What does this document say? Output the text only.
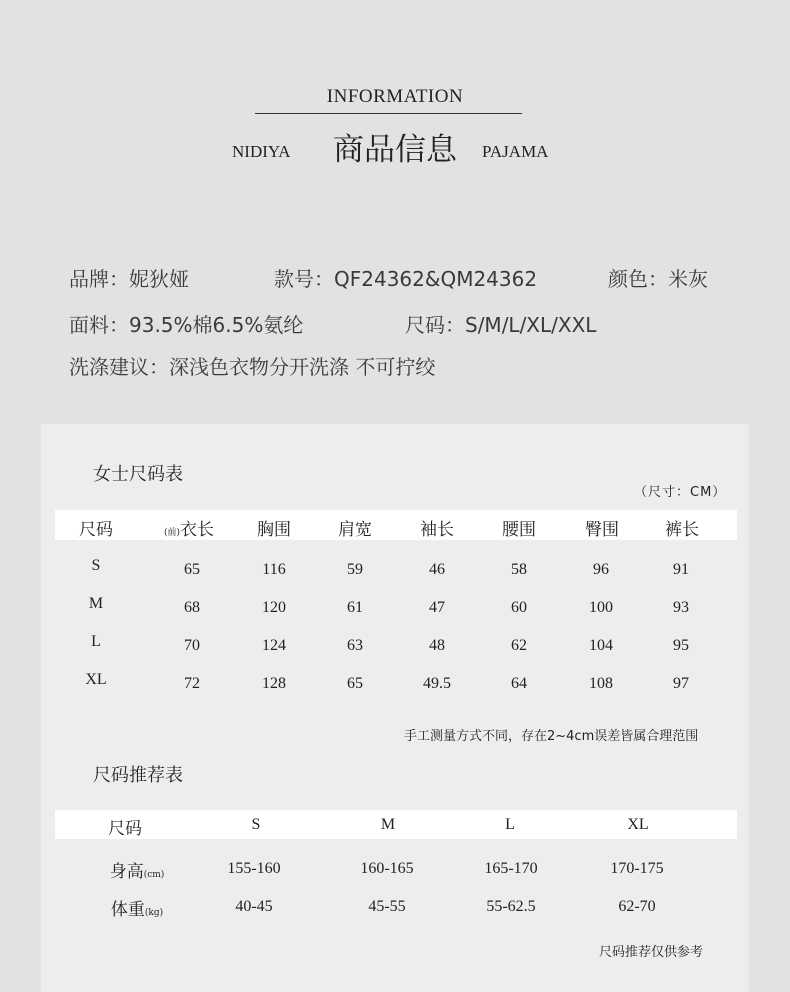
INFORMATION
NIDIYA 商品信息 PAJAMA
品牌：妮狄娅	款号：QF24362&QM24362	颜色：米灰
面料：93.5%棉6.5%氨纶	尺码：S/M/L/XL/XXL
洗涤建议：深浅色衣物分开洗涤 不可拧绞
女士尺码表
（尺寸：CM）
尺码	(前)衣长	胸围	肩宽	袖长	腰围	臀围	裤长
S	65	116	59	46	58	96	91
M	68	120	61	47	60	100	93
L	70	124	63	48	62	104	95
XL	72	128	65	49.5	64	108	97
手工测量方式不同，存在2~4cm误差皆属合理范围
尺码推荐表
尺码	S	M	L	XL
身高(cm)	155-160	160-165	165-170	170-175
体重(kg)	40-45	45-55	55-62.5	62-70
尺码推荐仅供参考
